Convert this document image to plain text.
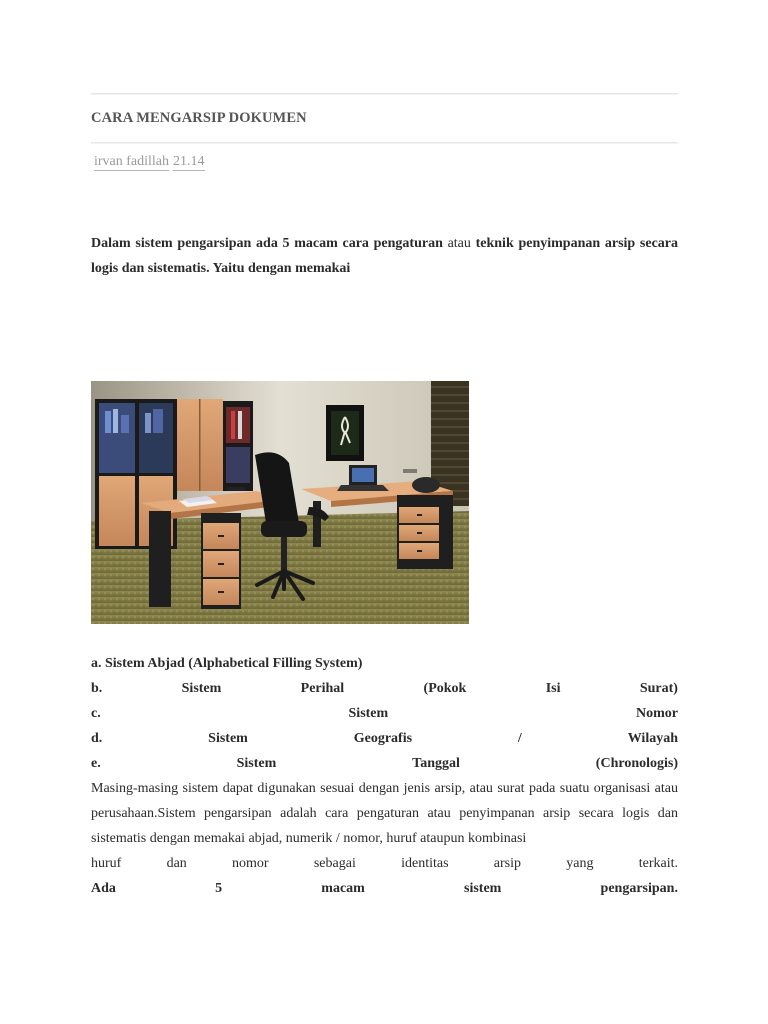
CARA MENGARSIP DOKUMEN
irvan fadillah 21.14
Dalam sistem pengarsipan ada 5 macam cara pengaturan atau teknik penyimpanan arsip secara logis dan sistematis. Yaitu dengan memakai
a. Sistem Abjad (Alphabetical Filling System)
b.	Sistem	Perihal	(Pokok	Isi	Surat)
c.	Sistem	Nomor
d.	Sistem	Geografis	/	Wilayah
e.	Sistem	Tanggal	(Chronologis)
Masing-masing sistem dapat digunakan sesuai dengan jenis arsip, atau surat pada suatu organisasi atau perusahaan.Sistem pengarsipan adalah cara pengaturan atau penyimpanan arsip secara logis dan sistematis dengan memakai abjad, numerik / nomor, huruf ataupun kombinasi
huruf	dan	nomor	sebagai	identitas	arsip	yang	terkait.
Ada	5	macam	sistem	pengarsipan.
